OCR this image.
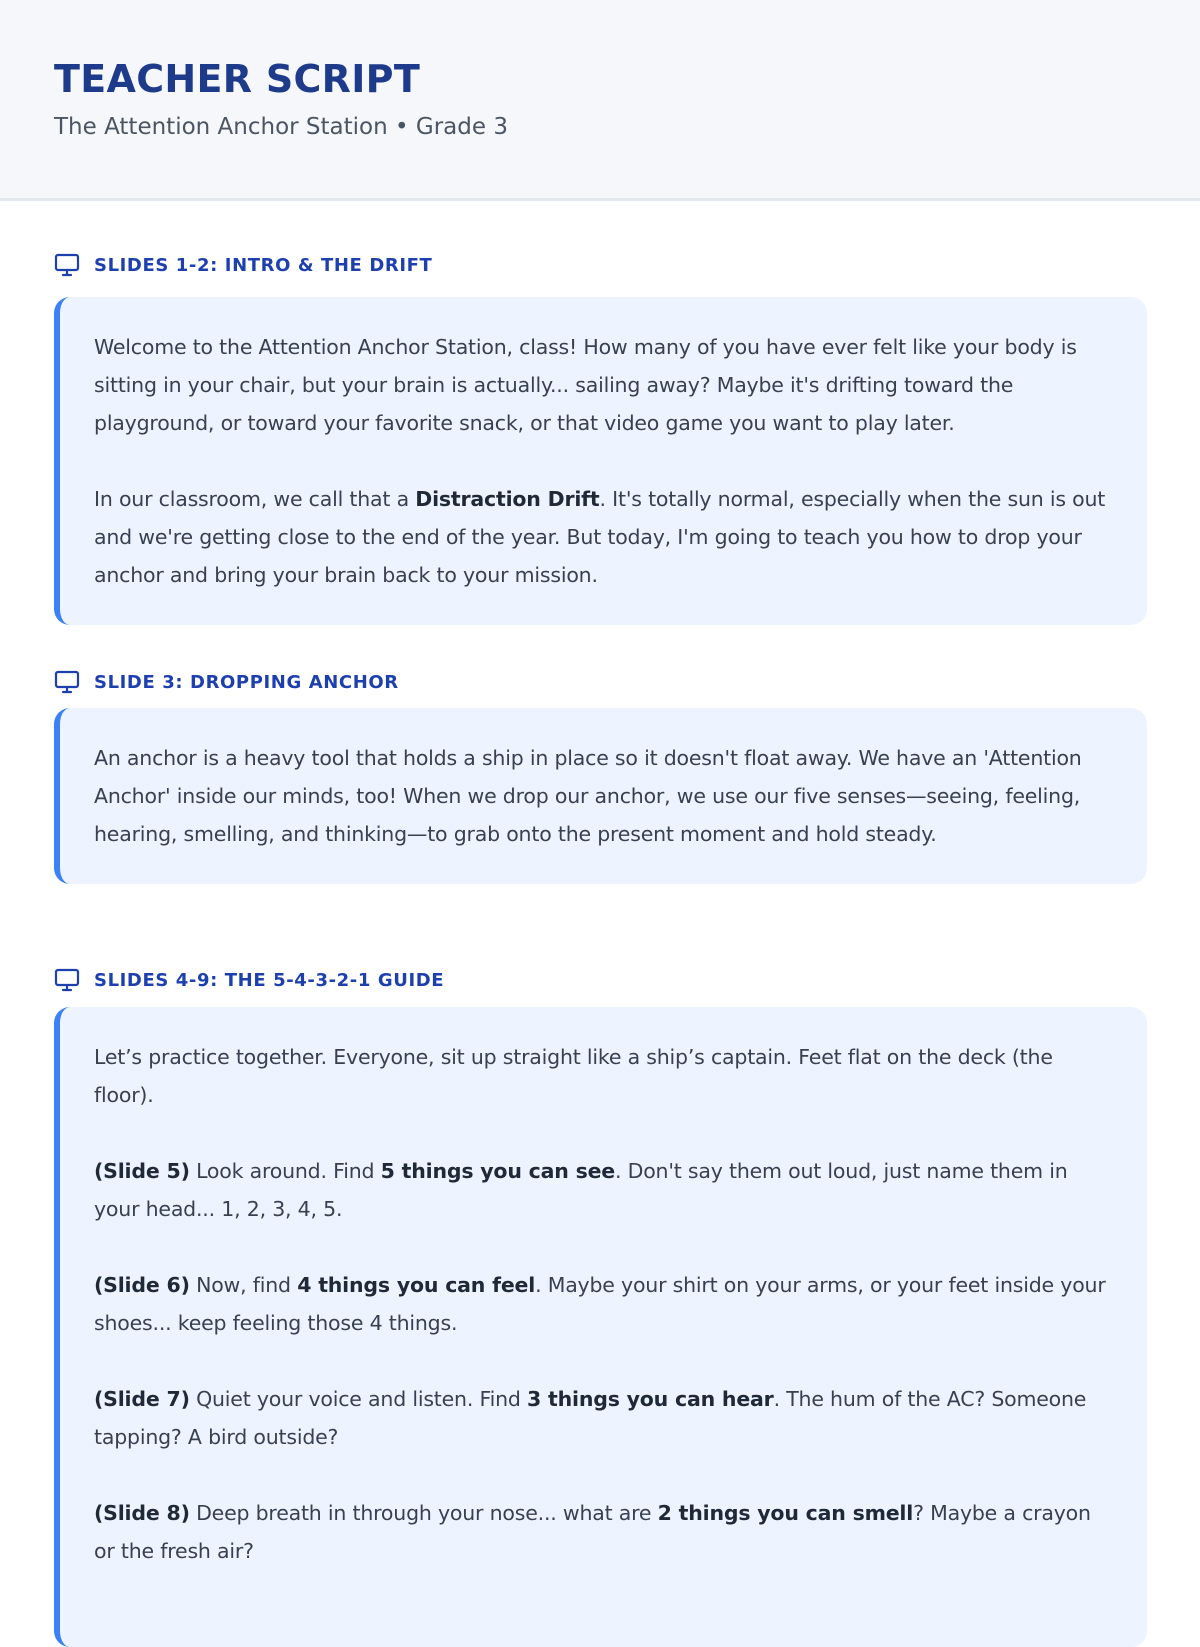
TEACHER SCRIPT
The Attention Anchor Station • Grade 3
SLIDES 1-2: INTRO & THE DRIFT

Welcome to the Attention Anchor Station, class! How many of you have ever felt like your body is sitting in your chair, but your brain is actually... sailing away? Maybe it's drifting toward the playground, or toward your favorite snack, or that video game you want to play later.

In our classroom, we call that a Distraction Drift. It's totally normal, especially when the sun is out and we're getting close to the end of the year. But today, I'm going to teach you how to drop your anchor and bring your brain back to your mission.

SLIDE 3: DROPPING ANCHOR

An anchor is a heavy tool that holds a ship in place so it doesn't float away. We have an 'Attention Anchor' inside our minds, too! When we drop our anchor, we use our five senses—seeing, feeling, hearing, smelling, and thinking—to grab onto the present moment and hold steady.

SLIDES 4-9: THE 5-4-3-2-1 GUIDE

Let’s practice together. Everyone, sit up straight like a ship’s captain. Feet flat on the deck (the floor).

(Slide 5) Look around. Find 5 things you can see. Don't say them out loud, just name them in your head... 1, 2, 3, 4, 5.

(Slide 6) Now, find 4 things you can feel. Maybe your shirt on your arms, or your feet inside your shoes... keep feeling those 4 things.

(Slide 7) Quiet your voice and listen. Find 3 things you can hear. The hum of the AC? Someone tapping? A bird outside?

(Slide 8) Deep breath in through your nose... what are 2 things you can smell? Maybe a crayon or the fresh air?
